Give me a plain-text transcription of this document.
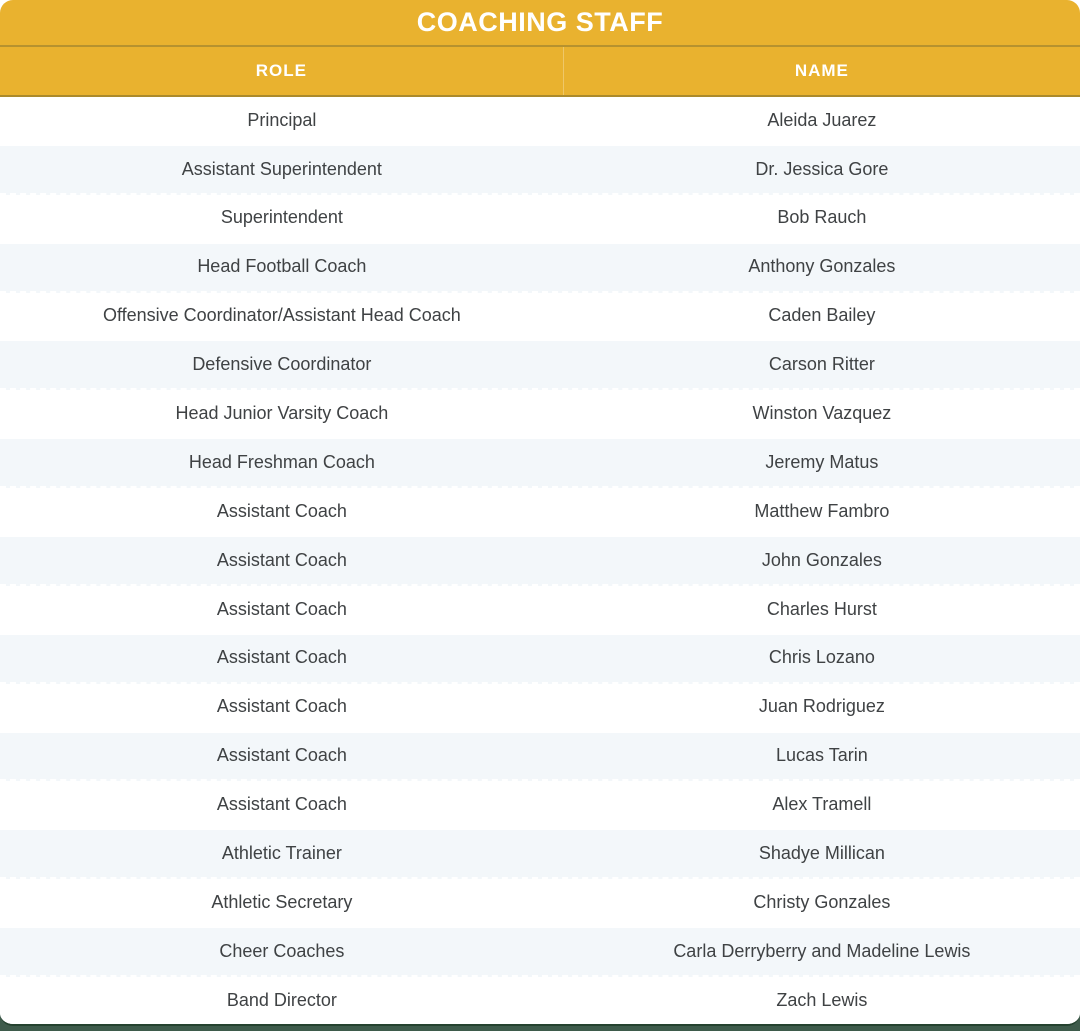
COACHING STAFF
ROLE	NAME
Principal	Aleida Juarez
Assistant Superintendent	Dr. Jessica Gore
Superintendent	Bob Rauch
Head Football Coach	Anthony Gonzales
Offensive Coordinator/Assistant Head Coach	Caden Bailey
Defensive Coordinator	Carson Ritter
Head Junior Varsity Coach	Winston Vazquez
Head Freshman Coach	Jeremy Matus
Assistant Coach	Matthew Fambro
Assistant Coach	John Gonzales
Assistant Coach	Charles Hurst
Assistant Coach	Chris Lozano
Assistant Coach	Juan Rodriguez
Assistant Coach	Lucas Tarin
Assistant Coach	Alex Tramell
Athletic Trainer	Shadye Millican
Athletic Secretary	Christy Gonzales
Cheer Coaches	Carla Derryberry and Madeline Lewis
Band Director	Zach Lewis
